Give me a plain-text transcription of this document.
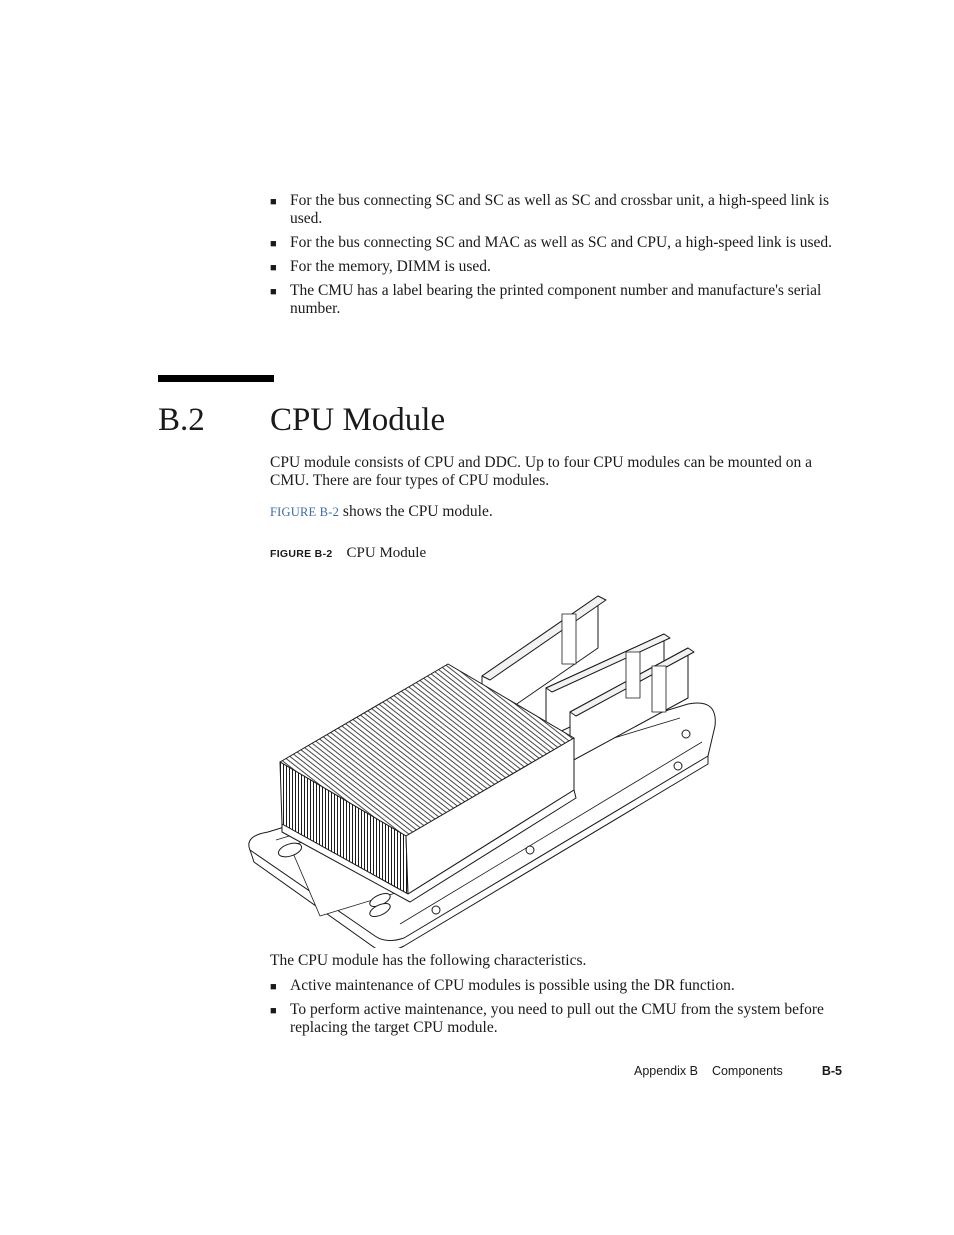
■ For the bus connecting SC and SC as well as SC and crossbar unit, a high-speed link is used.
■ For the bus connecting SC and MAC as well as SC and CPU, a high-speed link is used.
■ For the memory, DIMM is used.
■ The CMU has a label bearing the printed component number and manufacture's serial number.
B.2 CPU Module

CPU module consists of CPU and DDC. Up to four CPU modules can be mounted on a CMU. There are four types of CPU modules.

FIGURE B-2 shows the CPU module.

FIGURE B-2 CPU Module

The CPU module has the following characteristics.

■ Active maintenance of CPU modules is possible using the DR function.
■ To perform active maintenance, you need to pull out the CMU from the system before replacing the target CPU module.
Appendix B Components	B-5
